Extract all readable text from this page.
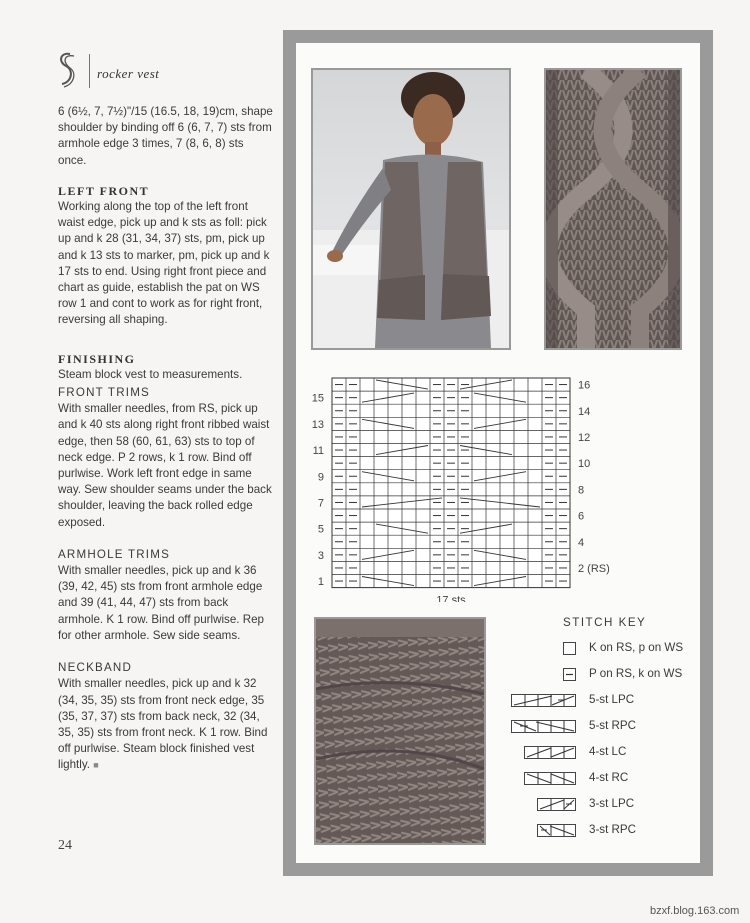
rocker vest

6 (6½, 7, 7½)"/15 (16.5, 18, 19)cm, shape shoulder by binding off 6 (6, 7, 7) sts from armhole edge 3 times, 7 (8, 6, 8) sts once.

LEFT FRONT

Working along the top of the left front waist edge, pick up and k sts as foll: pick up and k 28 (31, 34, 37) sts, pm, pick up and k 13 sts to marker, pm, pick up and k 17 sts to end. Using right front piece and chart as guide, establish the pat on WS row 1 and cont to work as for right front, reversing all shaping.

FINISHING

Steam block vest to measurements.

FRONT TRIMS

With smaller needles, from RS, pick up and k 40 sts along right front ribbed waist edge, then 58 (60, 61, 63) sts to top of neck edge. P 2 rows, k 1 row. Bind off purlwise. Work left front edge in same way. Sew shoulder seams under the back shoulder, leaving the back rolled edge exposed.

ARMHOLE TRIMS

With smaller needles, pick up and k 36 (39, 42, 45) sts from front armhole edge and 39 (41, 44, 47) sts from back armhole. K 1 row. Bind off purlwise. Rep for other armhole. Sew side seams.

NECKBAND

With smaller needles, pick up and k 32 (34, 35, 35) sts from front neck edge, 35 (35, 37, 37) sts from back neck, 32 (34, 35, 35) sts from front neck. K 1 row. Bind off purlwise. Steam block finished vest lightly. ■

24
15
13
11
9
7
5
3
1
16
14
12
10
8
6
4
2 (RS)
17 sts
STITCH KEY
K on RS, p on WS
P on RS, k on WS
5-st LPC
5-st RPC
4-st LC
4-st RC
3-st LPC
3-st RPC
bzxf.blog.163.com
